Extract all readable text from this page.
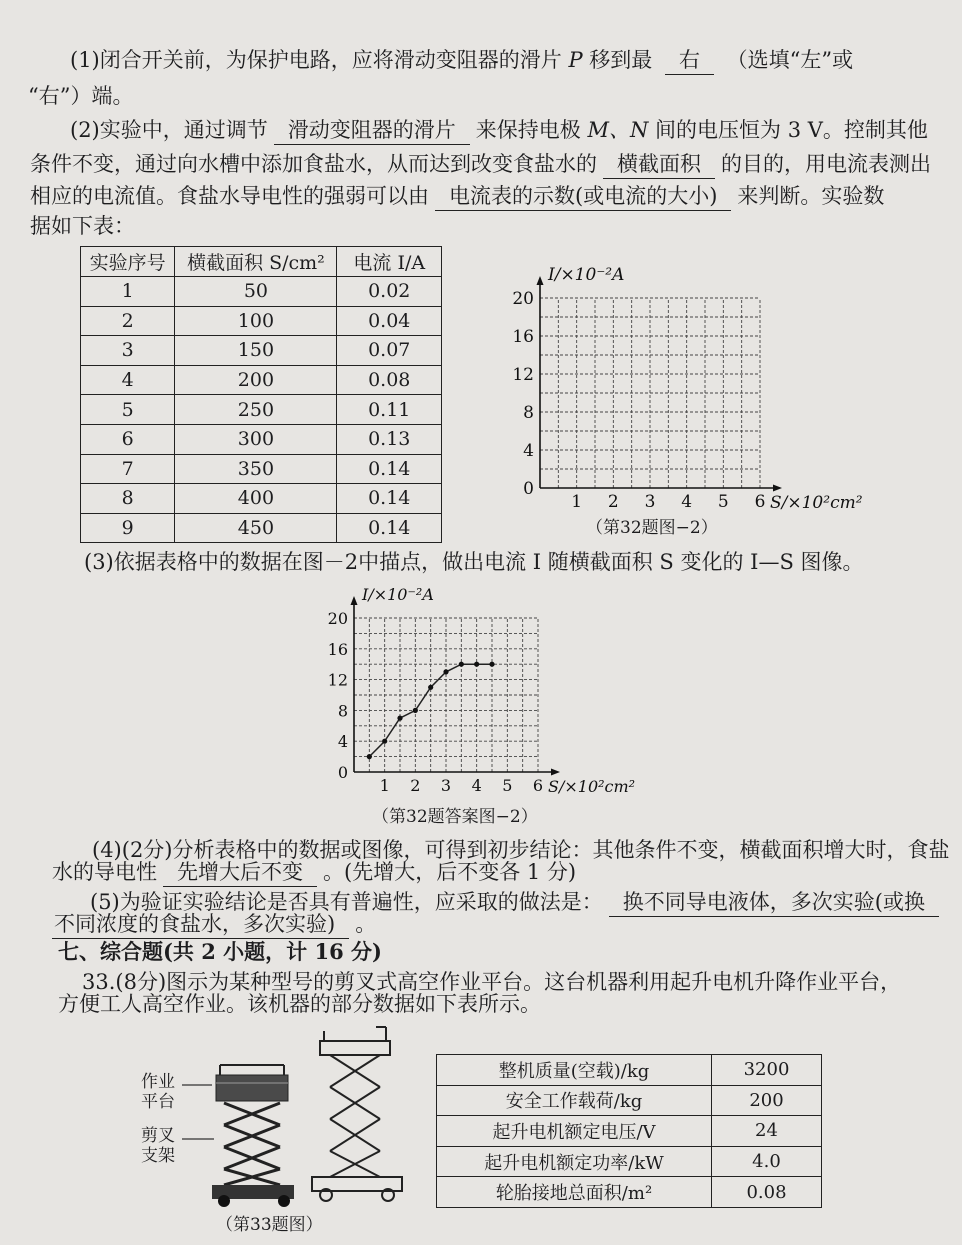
(1)闭合开关前，为保护电路，应将滑动变阻器的滑片 P 移到最 右 （选填“左”或
“右”）端。
(2)实验中，通过调节 滑动变阻器的滑片 来保持电极 M、N 间的电压恒为 3 V。控制其他
条件不变，通过向水槽中添加食盐水，从而达到改变食盐水的 横截面积 的目的，用电流表测出
相应的电流值。食盐水导电性的强弱可以由 电流表的示数(或电流的大小) 来判断。实验数
据如下表：
实验序号	横截面积 S/cm²	电流 I/A
1	50	0.02
2	100	0.04
3	150	0.07
4	200	0.08
5	250	0.11
6	300	0.13
7	350	0.14
8	400	0.14
9	450	0.14
1 2 3 4 5 6
0
4
8
12
16
20
S/×10²cm²
I/×10⁻²A
（第32题图−2）
(3)依据表格中的数据在图－2中描点，做出电流 I 随横截面积 S 变化的 I—S 图像。
1 2 3 4 5 6
0
4
8
12
16
20
S/×10²cm²
I/×10⁻²A
（第32题答案图−2）
(4)(2分)分析表格中的数据或图像，可得到初步结论：其他条件不变，横截面积增大时，食盐
水的导电性 先增大后不变 。(先增大，后不变各 1 分)
(5)为验证实验结论是否具有普遍性，应采取的做法是： 换不同导电液体，多次实验(或换
不同浓度的食盐水，多次实验) 。
七、综合题(共 2 小题，计 16 分)
33.(8分)图示为某种型号的剪叉式高空作业平台。这台机器利用起升电机升降作业平台，
方便工人高空作业。该机器的部分数据如下表所示。
作业平台
剪叉支架
（第33题图）
整机质量(空载)/kg	3200
安全工作载荷/kg	200
起升电机额定电压/V	24
起升电机额定功率/kW	4.0
轮胎接地总面积/m²	0.08
